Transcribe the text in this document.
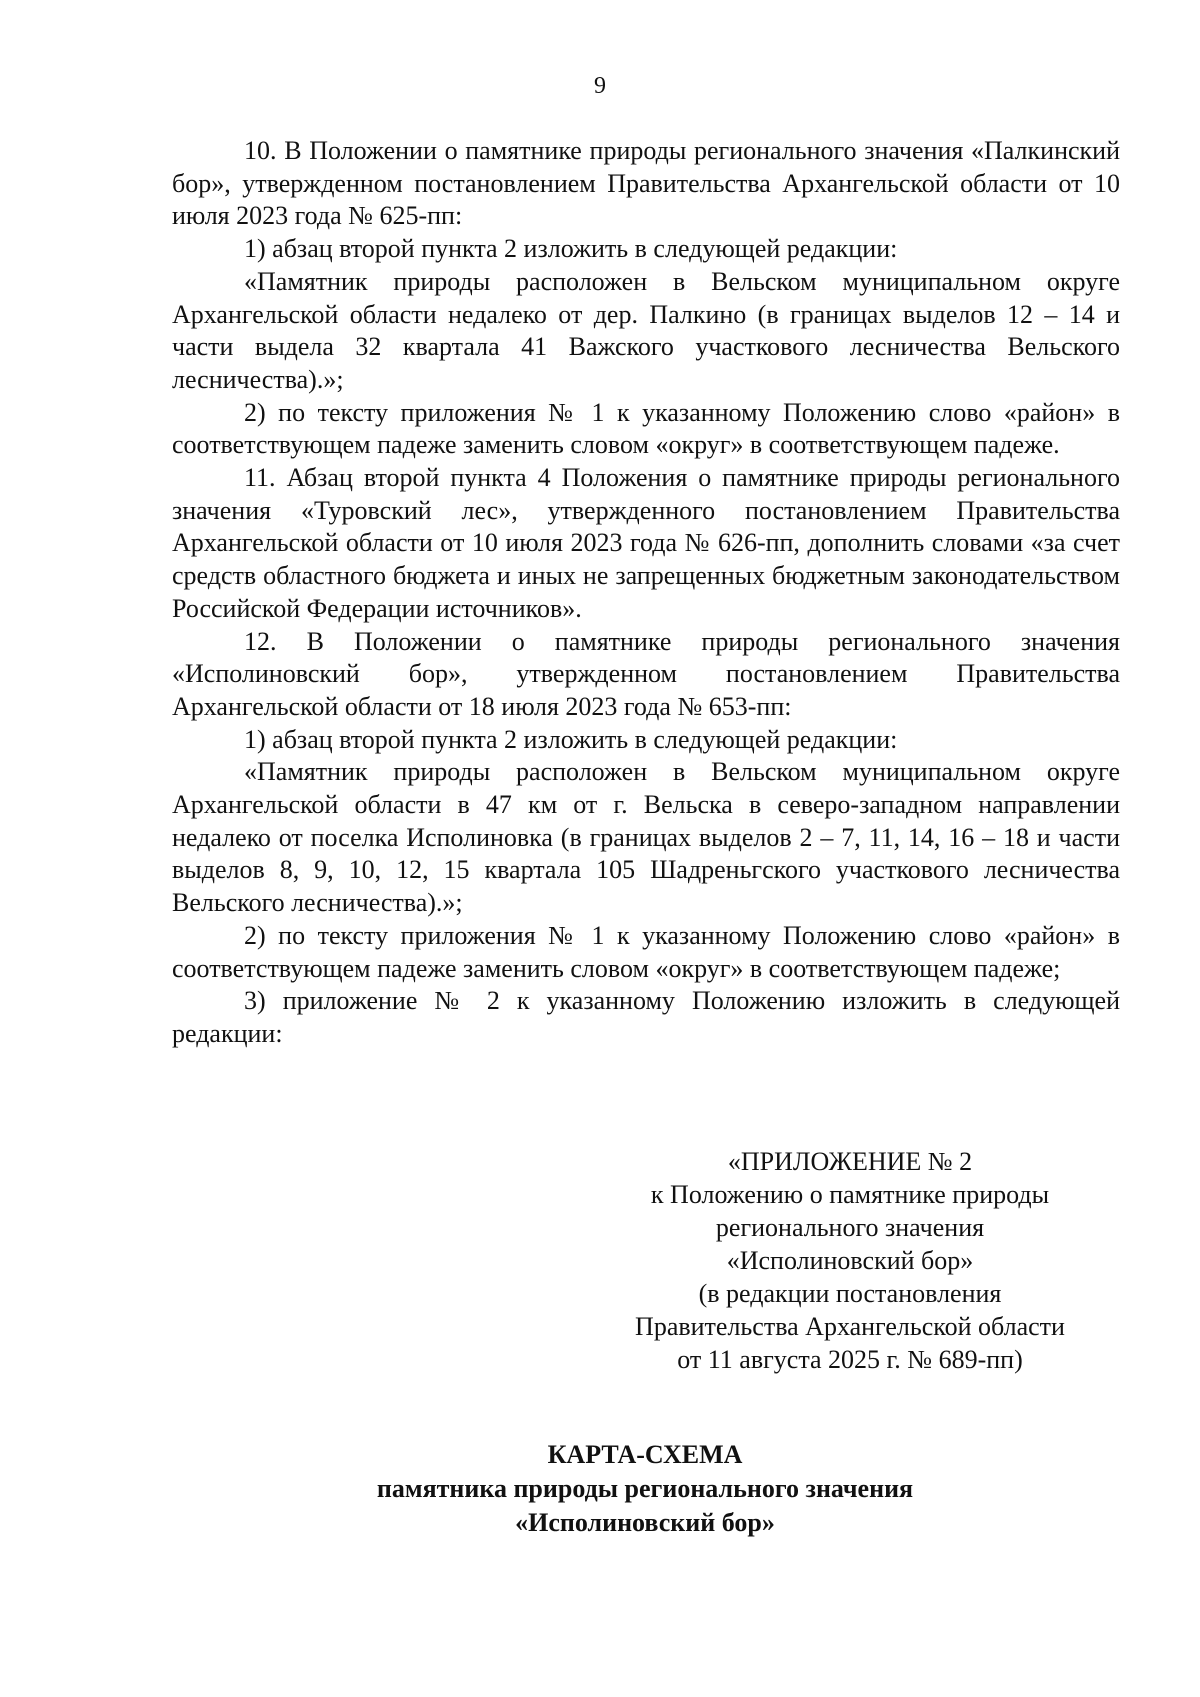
9

10. В Положении о памятнике природы регионального значения «Палкинский бор», утвержденном постановлением Правительства Архангельской области от 10 июля 2023 года № 625-пп:

1) абзац второй пункта 2 изложить в следующей редакции:

«Памятник природы расположен в Вельском муниципальном округе Архангельской области недалеко от дер. Палкино (в границах выделов 12 – 14 и части выдела 32 квартала 41 Важского участкового лесничества Вельского лесничества).»;

2) по тексту приложения № 1 к указанному Положению слово «район» в соответствующем падеже заменить словом «округ» в соответствующем падеже.

11. Абзац второй пункта 4 Положения о памятнике природы регионального значения «Туровский лес», утвержденного постановлением Правительства Архангельской области от 10 июля 2023 года № 626-пп, дополнить словами «за счет средств областного бюджета и иных не запрещенных бюджетным законодательством Российской Федерации источников».

12. В Положении о памятнике природы регионального значения «Исполиновский бор», утвержденном постановлением Правительства Архангельской области от 18 июля 2023 года № 653-пп:

1) абзац второй пункта 2 изложить в следующей редакции:

«Памятник природы расположен в Вельском муниципальном округе Архангельской области в 47 км от г. Вельска в северо-западном направлении недалеко от поселка Исполиновка (в границах выделов 2 – 7, 11, 14, 16 – 18 и части выделов 8, 9, 10, 12, 15 квартала 105 Шадреньгского участкового лесничества Вельского лесничества).»;

2) по тексту приложения № 1 к указанному Положению слово «район» в соответствующем падеже заменить словом «округ» в соответствующем падеже;

3) приложение № 2 к указанному Положению изложить в следующей редакции:

«ПРИЛОЖЕНИЕ № 2
к Положению о памятнике природы
регионального значения
«Исполиновский бор»
(в редакции постановления
Правительства Архангельской области
от 11 августа 2025 г. № 689-пп)
КАРТА-СХЕМА
памятника природы регионального значения
«Исполиновский бор»
